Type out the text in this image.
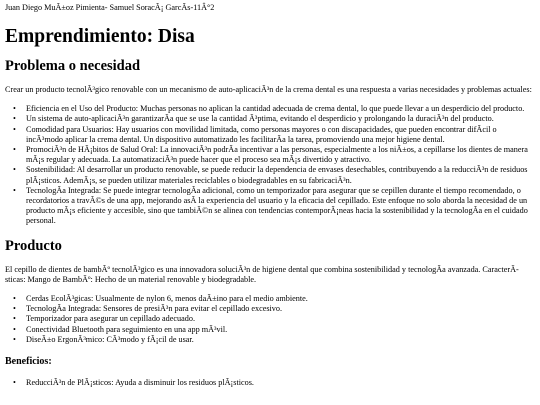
Juan Diego MuÃ±oz Pimienta- Samuel SoracÃ¡ GarcÃs-11Â°2
Emprendimiento: Disa
Problema o necesidad

Crear un producto tecnolÃ³gico renovable con un mecanismo de auto-aplicaciÃ³n de la crema dental es una respuesta a varias necesidades y problemas actuales:

• Eficiencia en el Uso del Producto: Muchas personas no aplican la cantidad adecuada de crema dental, lo que puede llevar a un desperdicio del producto.
• Un sistema de auto-aplicaciÃ³n garantizarÃa que se use la cantidad Ã³ptima, evitando el desperdicio y prolongando la duraciÃ³n del producto.
• Comodidad para Usuarios: Hay usuarios con movilidad limitada, como personas mayores o con discapacidades, que pueden encontrar difÃcil o incÃ³modo aplicar la crema dental. Un dispositivo automatizado les facilitarÃa la tarea, promoviendo una mejor higiene dental.
• PromociÃ³n de HÃ¡bitos de Salud Oral: La innovaciÃ³n podrÃa incentivar a las personas, especialmente a los niÃ±os, a cepillarse los dientes de manera mÃ¡s regular y adecuada. La automatizaciÃ³n puede hacer que el proceso sea mÃ¡s divertido y atractivo.
• Sostenibilidad: Al desarrollar un producto renovable, se puede reducir la dependencia de envases desechables, contribuyendo a la reducciÃ³n de residuos plÃ¡sticos. AdemÃ¡s, se pueden utilizar materiales reciclables o biodegradables en su fabricaciÃ³n.
• TecnologÃa Integrada: Se puede integrar tecnologÃa adicional, como un temporizador para asegurar que se cepillen durante el tiempo recomendado, o recordatorios a travÃ©s de una app, mejorando asÃ la experiencia del usuario y la eficacia del cepillado. Este enfoque no solo aborda la necesidad de un producto mÃ¡s eficiente y accesible, sino que tambiÃ©n se alinea con tendencias contemporÃ¡neas hacia la sostenibilidad y la tecnologÃa en el cuidado personal.
Producto

El cepillo de dientes de bambÃº tecnolÃ³gico es una innovadora soluciÃ³n de higiene dental que combina sostenibilidad y tecnologÃa avanzada. CaracterÃsticas: Mango de BambÃº: Hecho de un material renovable y biodegradable.

• Cerdas EcolÃ³gicas: Usualmente de nylon 6, menos daÃ±ino para el medio ambiente.
• TecnologÃa Integrada: Sensores de presiÃ³n para evitar el cepillado excesivo.
• Temporizador para asegurar un cepillado adecuado.
• Conectividad Bluetooth para seguimiento en una app mÃ³vil.
• DiseÃ±o ErgonÃ³mico: CÃ³modo y fÃ¡cil de usar.
Beneficios:
• ReducciÃ³n de PlÃ¡sticos: Ayuda a disminuir los residuos plÃ¡sticos.
